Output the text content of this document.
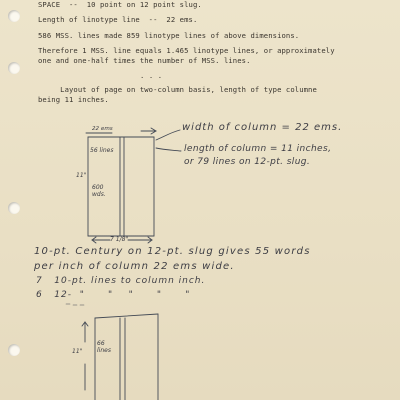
SPACE  --  10 point on 12 point slug.
Length of linotype line  --  22 ems.
586 MSS. lines made 859 linotype lines of above dimensions.
Therefore 1 MSS. line equals 1.465 linotype lines, or approximately
one and one-half times the number of MSS. lines.
. . .
Layout of page on two-column basis, length of type columne
being 11 inches.
22 ems
56 lines
600 wds.
11"
7 1/8"
width of column = 22 ems.
length of column = 11 inches,
or 79 lines on 12-pt. slug.
10-pt. Century on 12-pt. slug gives 55 words
per inch of column 22 ems wide.
7   10-pt. lines to column inch.
6   12-  "      "    "      "      "
11"
66 lines
